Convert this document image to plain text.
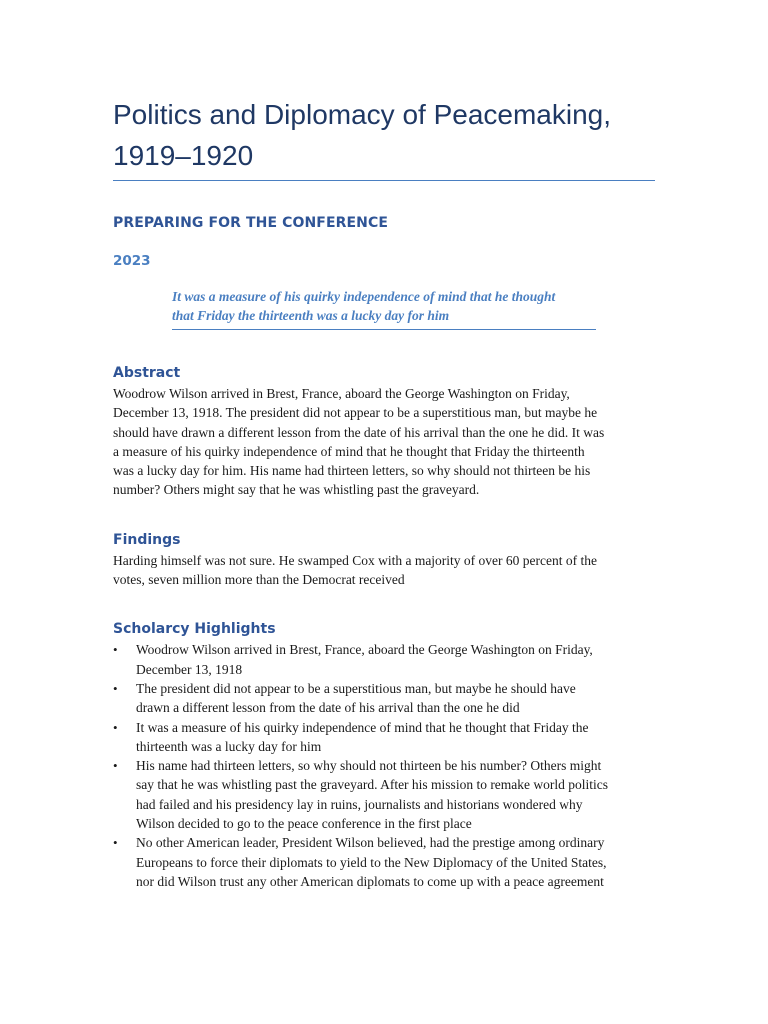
Politics and Diplomacy of Peacemaking,
1919–1920
PREPARING FOR THE CONFERENCE
2023
It was a measure of his quirky independence of mind that he thought
that Friday the thirteenth was a lucky day for him
Abstract

Woodrow Wilson arrived in Brest, France, aboard the George Washington on Friday,
December 13, 1918. The president did not appear to be a superstitious man, but maybe he
should have drawn a different lesson from the date of his arrival than the one he did. It was
a measure of his quirky independence of mind that he thought that Friday the thirteenth
was a lucky day for him. His name had thirteen letters, so why should not thirteen be his
number? Others might say that he was whistling past the graveyard.

Findings

Harding himself was not sure. He swamped Cox with a majority of over 60 percent of the
votes, seven million more than the Democrat received

Scholarcy Highlights
• Woodrow Wilson arrived in Brest, France, aboard the George Washington on Friday,
December 13, 1918
• The president did not appear to be a superstitious man, but maybe he should have
drawn a different lesson from the date of his arrival than the one he did
• It was a measure of his quirky independence of mind that he thought that Friday the
thirteenth was a lucky day for him
• His name had thirteen letters, so why should not thirteen be his number? Others might
say that he was whistling past the graveyard. After his mission to remake world politics
had failed and his presidency lay in ruins, journalists and historians wondered why
Wilson decided to go to the peace conference in the first place
• No other American leader, President Wilson believed, had the prestige among ordinary
Europeans to force their diplomats to yield to the New Diplomacy of the United States,
nor did Wilson trust any other American diplomats to come up with a peace agreement
